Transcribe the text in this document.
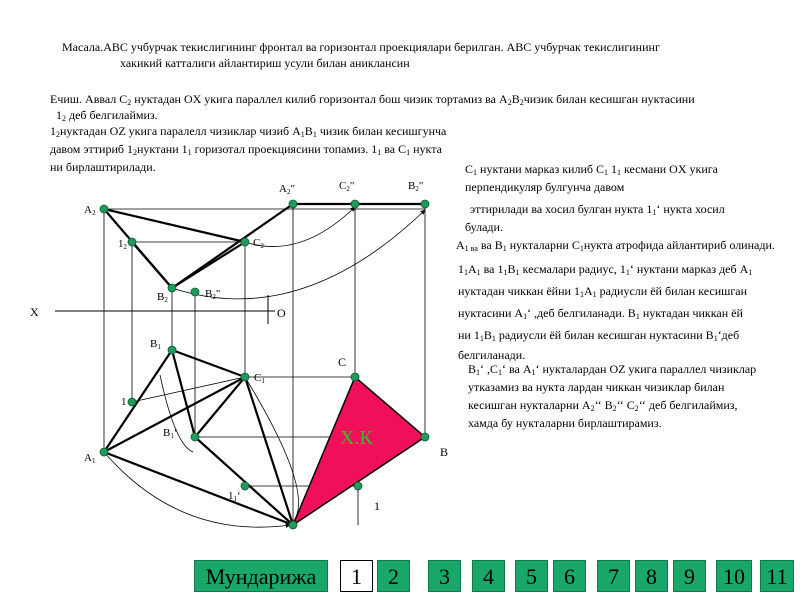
Масала.ABC учбурчак текислигининг фронтал ва горизонтал проекциялари берилган. ABC учбурчак текислигининг
хакикий катталиги айлантириш усули билан аниклансин
Ечиш. Аввал $C_2$ нуктадан OX укига параллел килиб горизонтал бош чизик тортамиз ва $A_2B_2чизик$ билан кесишган нуктасини
$1_2$ деб белгилаймиз.
$1_2нуктадан$ OZ укига паралелл чизиклар чизиб $A_1B_1$ чизик билан кесишгунча
давом эттириб $1_2нуктани$ $1_1$ горизотал проекциясини топамиз. $1_1$ ва $C_1$ нукта
ни бирлаштирилади.	$C_1$ нуктани марказ килиб $C_1$ $1_1$ кесмани OX укига
перпендикуляр булгунча давом
эттирилади ва хосил булган нукта $1_1‘$ нукта хосил
булади.
$A_{1 ва}$ ва $B_1$ нукталарни $C_1нукта$ атрофида айлантириб олинади.
$1_1A_1$ ва $1_1B_1$ кесмалари радиус, $1_1‘$ нуктани марказ деб $A_1$
нуктадан чиккан ёйни $1_1A_1$ радиусли ёй билан кесишган
нуктасини $A_1‘$ ,деб белгиланади. $B_1$ нуктадан чиккан ёй
ни $1_1B_1$ радиусли ёй билан кесишган нуктасини $B_1‘деб$
белгиланади.
$B_1‘$ $,C_1‘$ ва $A_1‘$ нукталардан OZ укига параллел чизиклар
утказамиз ва нукта лардан чиккан чизиклар билан
кесишган нукталарни $A_2‘‘$ $B_2‘‘$ $C_2‘‘$ деб белгилаймиз,
хамда бу нукталарни бирлаштирамиз.
$A_2$
$A_2$"	$C_2$"	$B_2$"
$1_2$	$C_2$
$B_2$	$B_2$"
X	O
$B_1$
$C_1$
1
$B_1‘$
$A_1$
$1_1‘$
C
B
1
Х.К
Мундарижа	1	2	3	4	5	6	7	8	9	10 11
